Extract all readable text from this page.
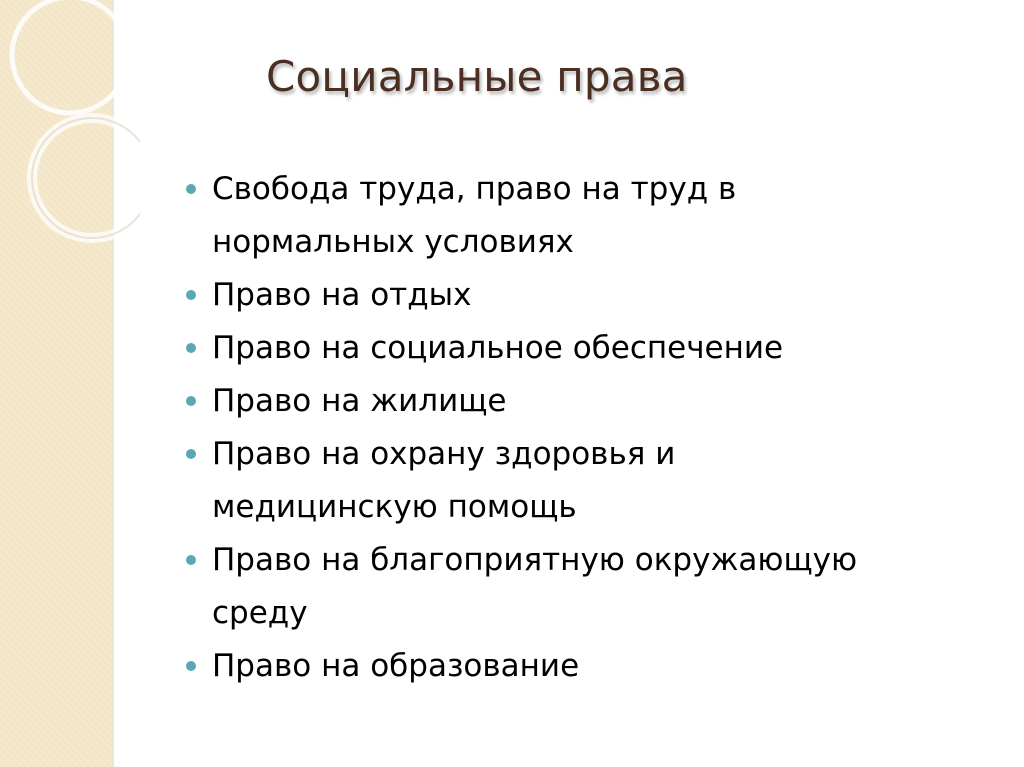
Социальные права
Свобода труда, право на труд в
нормальных условиях
Право на отдых
Право на социальное обеспечение
Право на жилище
Право на охрану здоровья и
медицинскую помощь
Право на благоприятную окружающую
среду
Право на образование
